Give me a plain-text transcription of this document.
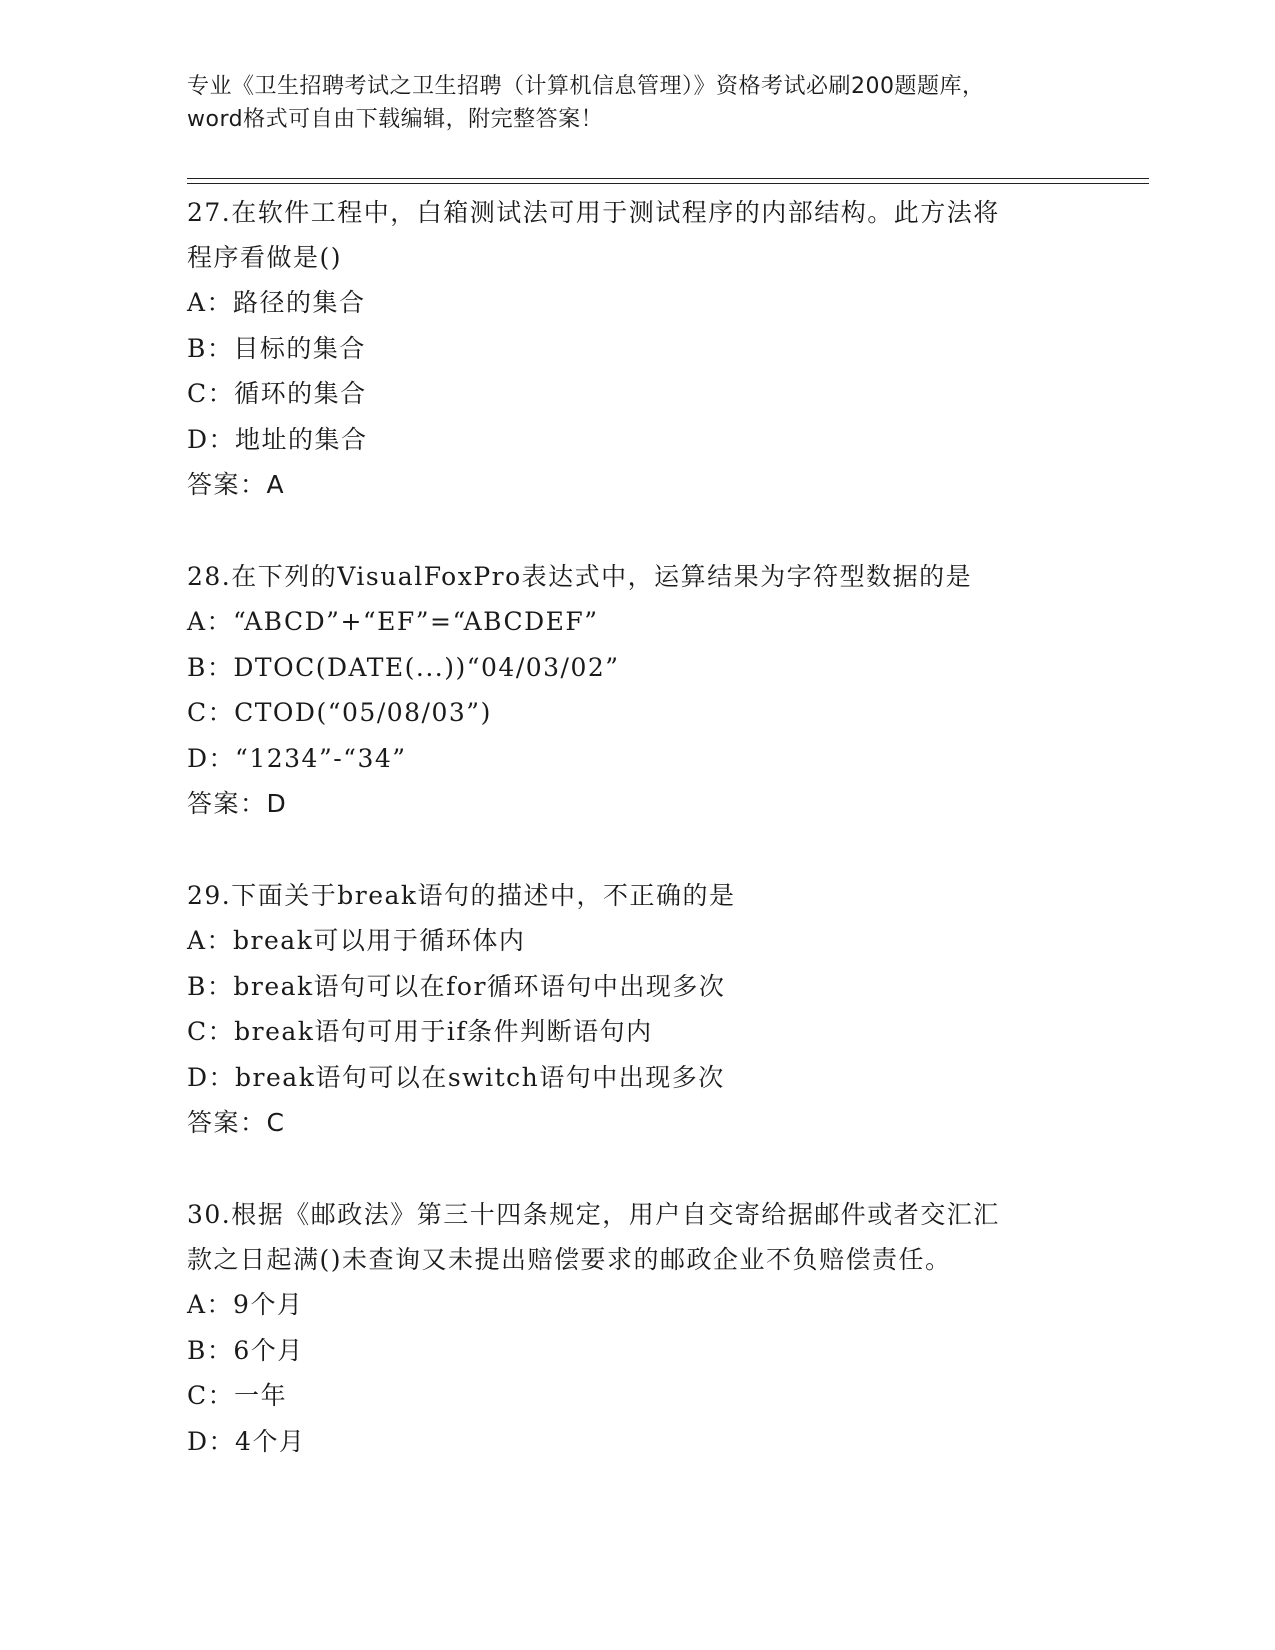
专业《卫生招聘考试之卫生招聘（计算机信息管理）》资格考试必刷200题题库，
word格式可自由下载编辑，附完整答案！
27.在软件工程中，白箱测试法可用于测试程序的内部结构。此方法将
程序看做是()
A：路径的集合
B：目标的集合
C：循环的集合
D：地址的集合
答案：A
28.在下列的VisualFoxPro表达式中，运算结果为字符型数据的是
A：“ABCD”+“EF”=“ABCDEF”
B：DTOC(DATE(...))“04/03/02”
C：CTOD(“05/08/03”)
D：“1234”-“34”
答案：D
29.下面关于break语句的描述中，不正确的是
A：break可以用于循环体内
B：break语句可以在for循环语句中出现多次
C：break语句可用于if条件判断语句内
D：break语句可以在switch语句中出现多次
答案：C
30.根据《邮政法》第三十四条规定，用户自交寄给据邮件或者交汇汇
款之日起满()未查询又未提出赔偿要求的邮政企业不负赔偿责任。
A：9个月
B：6个月
C：一年
D：4个月
